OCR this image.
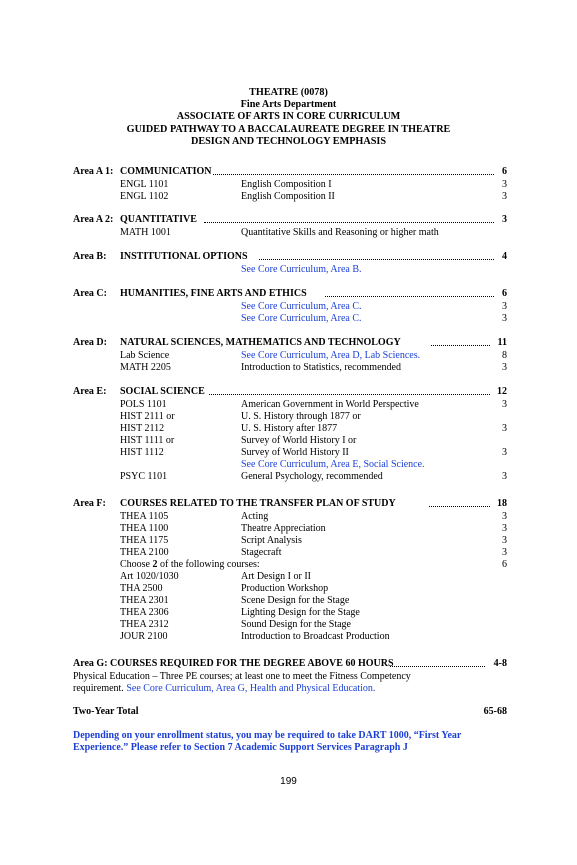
THEATRE (0078)
Fine Arts Department
ASSOCIATE OF ARTS IN CORE CURRICULUM
GUIDED PATHWAY TO A BACCALAUREATE DEGREE IN THEATRE
DESIGN AND TECHNOLOGY EMPHASIS
Area A 1: COMMUNICATION	6
ENGL 1101	English Composition I	3
ENGL 1102	English Composition II	3
Area A 2: QUANTITATIVE	3
MATH 1001	Quantitative Skills and Reasoning or higher math
Area B: INSTITUTIONAL OPTIONS	4
See Core Curriculum, Area B.
Area C: HUMANITIES, FINE ARTS AND ETHICS	6
See Core Curriculum, Area C.	3
See Core Curriculum, Area C.	3
Area D: NATURAL SCIENCES, MATHEMATICS AND TECHNOLOGY	11
Lab Science	See Core Curriculum, Area D, Lab Sciences.	8
MATH 2205	Introduction to Statistics, recommended	3
Area E: SOCIAL SCIENCE	12
POLS 1101	American Government in World Perspective	3
HIST 2111 or	U. S. History through 1877 or
HIST 2112	U. S. History after 1877	3
HIST 1111 or	Survey of World History I or
HIST 1112	Survey of World History II	3
See Core Curriculum, Area E, Social Science.
PSYC 1101	General Psychology, recommended	3
Area F: COURSES RELATED TO THE TRANSFER PLAN OF STUDY	18
THEA 1105	Acting	3
THEA 1100	Theatre Appreciation	3
THEA 1175	Script Analysis	3
THEA 2100	Stagecraft	3
Choose 2 of the following courses:	6
Art 1020/1030	Art Design I or II
THA 2500	Production Workshop
THEA 2301	Scene Design for the Stage
THEA 2306	Lighting Design for the Stage
THEA 2312	Sound Design for the Stage
JOUR 2100	Introduction to Broadcast Production
Area G: COURSES REQUIRED FOR THE DEGREE ABOVE 60 HOURS	4-8
Physical Education – Three PE courses; at least one to meet the Fitness Competency
requirement. See Core Curriculum, Area G, Health and Physical Education.
Two-Year Total	65-68
Depending on your enrollment status, you may be required to take DART 1000, “First Year
Experience.” Please refer to Section 7 Academic Support Services Paragraph J
199
